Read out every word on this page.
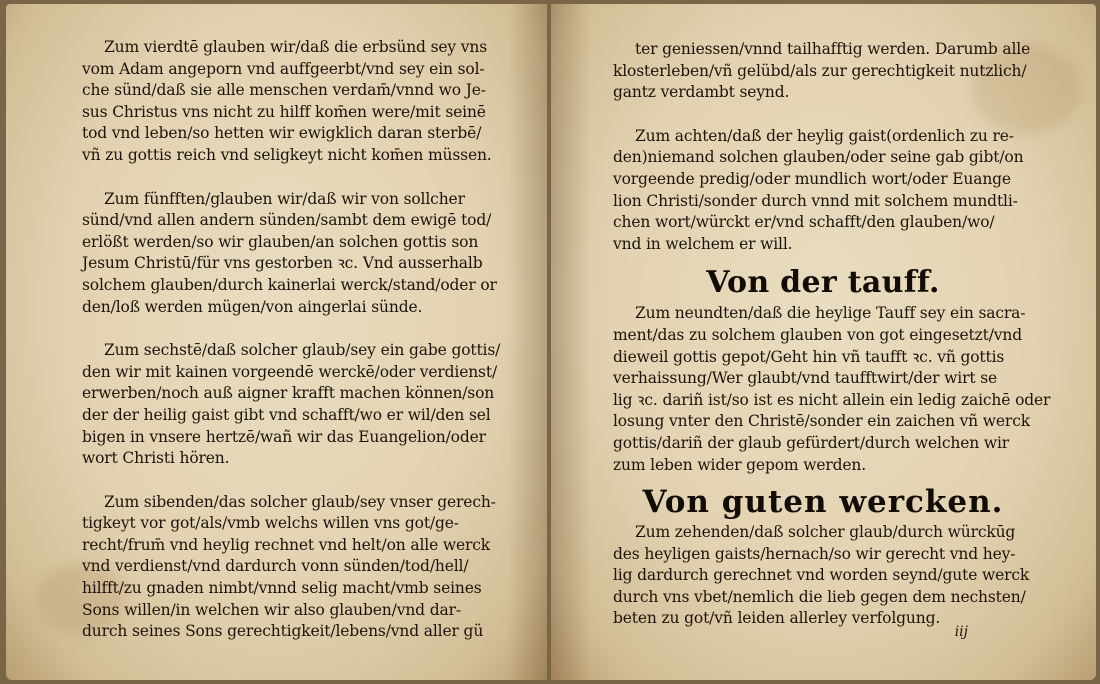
Zum vierdtē glauben wir/daß die erbsünd sey vns
vom Adam angeporn vnd auffgeerbt/vnd sey ein sol-
che sünd/daß sie alle menschen verdam̄/vnnd wo Je-
sus Christus vns nicht zu hilff kom̄en were/mit seinē
tod vnd leben/so hetten wir ewigklich daran sterbē/
vñ zu gottis reich vnd seligkeyt nicht kom̄en müssen.
Zum fünfften/glauben wir/daß wir von sollcher
sünd/vnd allen andern sünden/sambt dem ewigē tod/
erlößt werden/so wir glauben/an solchen gottis son
Jesum Christū/für vns gestorben ꝛc. Vnd ausserhalb
solchem glauben/durch kainerlai werck/stand/oder or
den/loß werden mügen/von aingerlai sünde.
Zum sechstē/daß solcher glaub/sey ein gabe gottis/
den wir mit kainen vorgeendē werckē/oder verdienst/
erwerben/noch auß aigner krafft machen können/son
der der heilig gaist gibt vnd schafft/wo er wil/den sel
bigen in vnsere hertzē/wañ wir das Euangelion/oder
wort Christi hören.
Zum sibenden/das solcher glaub/sey vnser gerech-
tigkeyt vor got/als/vmb welchs willen vns got/ge-
recht/frum̄ vnd heylig rechnet vnd helt/on alle werck
vnd verdienst/vnd dardurch vonn sünden/tod/hell/
hilfft/zu gnaden nimbt/vnnd selig macht/vmb seines
Sons willen/in welchen wir also glauben/vnd dar-
durch seines Sons gerechtigkeit/lebens/vnd aller gü
ter geniessen/vnnd tailhafftig werden. Darumb alle
klosterleben/vñ gelübd/als zur gerechtigkeit nutzlich/
gantz verdambt seynd.
Zum achten/daß der heylig gaist(ordenlich zu re-
den)niemand solchen glauben/oder seine gab gibt/on
vorgeende predig/oder mundlich wort/oder Euange
lion Christi/sonder durch vnnd mit solchem mundtli-
chen wort/würckt er/vnd schafft/den glauben/wo/
vnd in welchem er will.
Von der tauff.
Zum neundten/daß die heylige Tauff sey ein sacra-
ment/das zu solchem glauben von got eingesetzt/vnd
dieweil gottis gepot/Geht hin vñ taufft ꝛc. vñ gottis
verhaissung/Wer glaubt/vnd taufftwirt/der wirt se
lig ꝛc. dariñ ist/so ist es nicht allein ein ledig zaichē oder
losung vnter den Christē/sonder ein zaichen vñ werck
gottis/dariñ der glaub gefürdert/durch welchen wir
zum leben wider gepom werden.
Von guten wercken.
Zum zehenden/daß solcher glaub/durch würckūg
des heyligen gaists/hernach/so wir gerecht vnd hey-
lig dardurch gerechnet vnd worden seynd/gute werck
durch vns vbet/nemlich die lieb gegen dem nechsten/
beten zu got/vñ leiden allerley verfolgung.
iij
